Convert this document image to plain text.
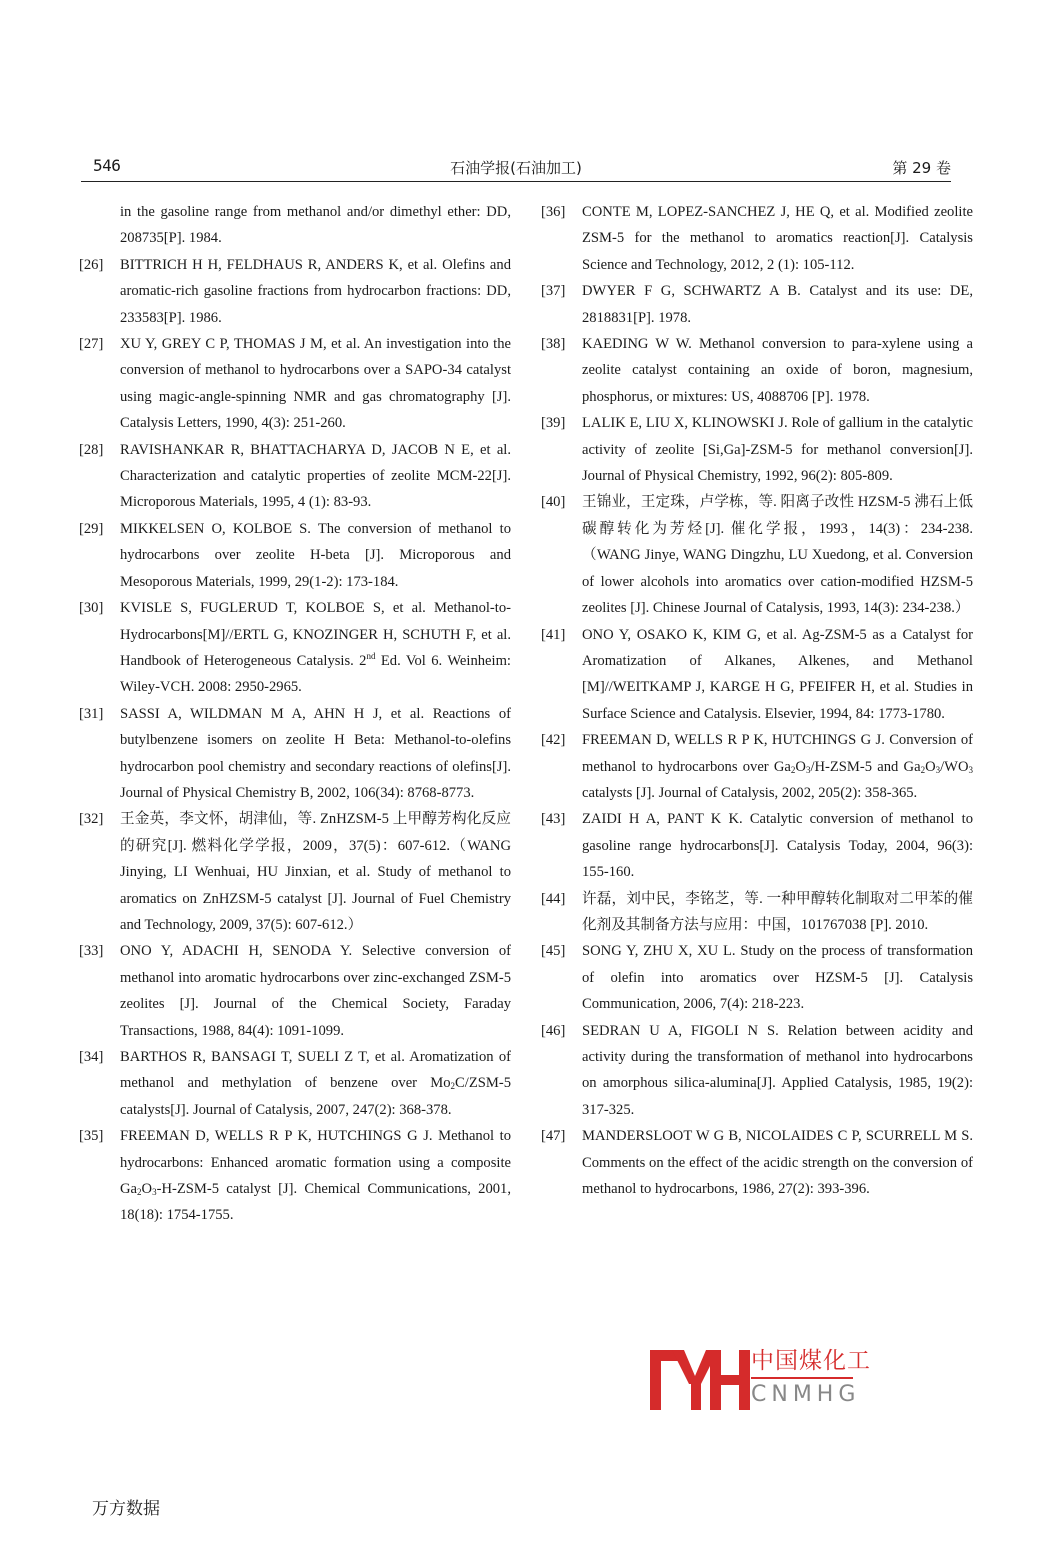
546	石油学报(石油加工)	第 29 卷
in the gasoline range from methanol and/or dimethyl ether: DD, 208735[P]. 1984.
[26] BITTRICH H H, FELDHAUS R, ANDERS K, et al. Olefins and aromatic-rich gasoline fractions from hydrocarbon fractions: DD, 233583[P]. 1986.
[27] XU Y, GREY C P, THOMAS J M, et al. An investigation into the conversion of methanol to hydrocarbons over a SAPO-34 catalyst using magic-angle-spinning NMR and gas chromatography [J]. Catalysis Letters, 1990, 4(3): 251-260.
[28] RAVISHANKAR R, BHATTACHARYA D, JACOB N E, et al. Characterization and catalytic properties of zeolite MCM-22[J]. Microporous Materials, 1995, 4 (1): 83-93.
[29] MIKKELSEN O, KOLBOE S. The conversion of methanol to hydrocarbons over zeolite H-beta [J]. Microporous and Mesoporous Materials, 1999, 29(1-2): 173-184.
[30] KVISLE S, FUGLERUD T, KOLBOE S, et al. Methanol-to-Hydrocarbons[M]//ERTL G, KNOZINGER H, SCHUTH F, et al. Handbook of Heterogeneous Catalysis. 2nd Ed. Vol 6. Weinheim: Wiley-VCH. 2008: 2950-2965.
[31] SASSI A, WILDMAN M A, AHN H J, et al. Reactions of butylbenzene isomers on zeolite H Beta: Methanol-to-olefins hydrocarbon pool chemistry and secondary reactions of olefins[J]. Journal of Physical Chemistry B, 2002, 106(34): 8768-8773.
[32] 王金英，李文怀，胡津仙，等. ZnHZSM-5 上甲醇芳构化反应的研究[J]. 燃料化学学报，2009，37(5)：607-612.（WANG Jinying, LI Wenhuai, HU Jinxian, et al. Study of methanol to aromatics on ZnHZSM-5 catalyst [J]. Journal of Fuel Chemistry and Technology, 2009, 37(5): 607-612.）
[33] ONO Y, ADACHI H, SENODA Y. Selective conversion of methanol into aromatic hydrocarbons over zinc-exchanged ZSM-5 zeolites [J]. Journal of the Chemical Society, Faraday Transactions, 1988, 84(4): 1091-1099.
[34] BARTHOS R, BANSAGI T, SUELI Z T, et al. Aromatization of methanol and methylation of benzene over $Mo_2C/ZSM-5$ catalysts[J]. Journal of Catalysis, 2007, 247(2): 368-378.
[35] FREEMAN D, WELLS R P K, HUTCHINGS G J. Methanol to hydrocarbons: Enhanced aromatic formation using a composite $Ga_2O_3-H-ZSM-5$ catalyst [J]. Chemical Communications, 2001, 18(18): 1754-1755.
[36] CONTE M, LOPEZ-SANCHEZ J, HE Q, et al. Modified zeolite ZSM-5 for the methanol to aromatics reaction[J]. Catalysis Science and Technology, 2012, 2 (1): 105-112.
[37] DWYER F G, SCHWARTZ A B. Catalyst and its use: DE, 2818831[P]. 1978.
[38] KAEDING W W. Methanol conversion to para-xylene using a zeolite catalyst containing an oxide of boron, magnesium, phosphorus, or mixtures: US, 4088706 [P]. 1978.
[39] LALIK E, LIU X, KLINOWSKI J. Role of gallium in the catalytic activity of zeolite [Si,Ga]-ZSM-5 for methanol conversion[J]. Journal of Physical Chemistry, 1992, 96(2): 805-809.
[40] 王锦业，王定珠，卢学栋，等. 阳离子改性 HZSM-5 沸石上低碳醇转化为芳烃[J]. 催化学报，1993，14(3)：234-238.（WANG Jinye, WANG Dingzhu, LU Xuedong, et al. Conversion of lower alcohols into aromatics over cation-modified HZSM-5 zeolites [J]. Chinese Journal of Catalysis, 1993, 14(3): 234-238.）
[41] ONO Y, OSAKO K, KIM G, et al. Ag-ZSM-5 as a Catalyst for Aromatization of Alkanes, Alkenes, and Methanol [M]//WEITKAMP J, KARGE H G, PFEIFER H, et al. Studies in Surface Science and Catalysis. Elsevier, 1994, 84: 1773-1780.
[42] FREEMAN D, WELLS R P K, HUTCHINGS G J. Conversion of methanol to hydrocarbons over $Ga_2O_3/H-ZSM-5$ and $Ga_2O_3/WO_3$ catalysts [J]. Journal of Catalysis, 2002, 205(2): 358-365.
[43] ZAIDI H A, PANT K K. Catalytic conversion of methanol to gasoline range hydrocarbons[J]. Catalysis Today, 2004, 96(3): 155-160.
[44] 许磊，刘中民，李铭芝，等. 一种甲醇转化制取对二甲苯的催化剂及其制备方法与应用：中国，101767038 [P]. 2010.
[45] SONG Y, ZHU X, XU L. Study on the process of transformation of olefin into aromatics over HZSM-5 [J]. Catalysis Communication, 2006, 7(4): 218-223.
[46] SEDRAN U A, FIGOLI N S. Relation between acidity and activity during the transformation of methanol into hydrocarbons on amorphous silica-alumina[J]. Applied Catalysis, 1985, 19(2): 317-325.
[47] MANDERSLOOT W G B, NICOLAIDES C P, SCURRELL M S. Comments on the effect of the acidic strength on the conversion of methanol to hydrocarbons, 1986, 27(2): 393-396.
中国煤化工
CNMHG
万方数据
